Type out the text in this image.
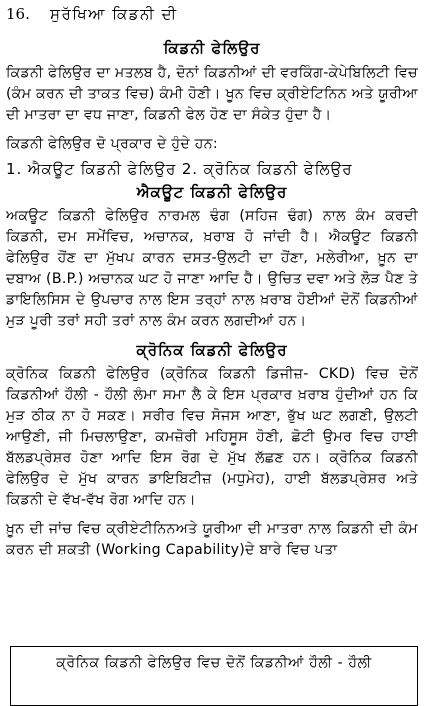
16.	ਸੁਰੱਖਿਆ ਕਿਡਨੀ ਦੀ
ਕਿਡਨੀ ਫੇਲਿਉਰ

ਕਿਡਨੀ ਫੇਲਿਉਰ ਦਾ ਮਤਲਬ ਹੈ, ਦੋਨਾਂ ਕਿਡਨੀਆਂ ਦੀ ਵਰਕਿੰਗ-ਕੇਪੇਬਿਲਿਟੀ ਵਿਚ (ਕੰਮ ਕਰਨ ਦੀ ਤਾਕਤ ਵਿਚ) ਕੰਮੀ ਹੋਣੀ। ਖੂਨ ਵਿਚ ਕ੍ਰੀਏਟਿਨਿਨ ਅਤੇ ਯੂਰੀਆ ਦੀ ਮਾਤਰਾ ਦਾ ਵਧ ਜਾਣਾ, ਕਿਡਨੀ ਫੇਲ ਹੋਣ ਦਾ ਸੰਕੇਤ ਹੁੰਦਾ ਹੈ।

ਕਿਡਨੀ ਫੇਲਿਉਰ ਦੋ ਪ੍ਰਕਾਰ ਦੇ ਹੁੰਦੇ ਹਨ:

1. ਐਕਊਟ ਕਿਡਨੀ ਫੇਲਿਉਰ 2. ਕ੍ਰੋਨਿਕ ਕਿਡਨੀ ਫੇਲਿਉਰ

ਐਕਊਟ ਕਿਡਨੀ ਫੇਲਿਉਰ

ਅਕਊਟ ਕਿਡਨੀ ਫੇਲਿਉਰ ਨਾਰਮਲ ਢੰਗ (ਸਹਿਜ ਢੰਗ) ਨਾਲ ਕੰਮ ਕਰਦੀ ਕਿਡਨੀ, ਦਮ ਸਮੇਂਵਿਚ, ਅਚਾਨਕ, ਖ਼ਰਾਬ ਹੋ ਜਾਂਦੀ ਹੈ। ਐਕਊਟ ਕਿਡਨੀ ਫੇਲਿਉਰ ਹੋਂਣ ਦਾ ਮੁੱਖਪ ਕਾਰਨ ਦਸਤ-ਉਲਟੀ ਦਾ ਹੋਂਣਾ, ਮਲੇਰੀਆ, ਖ਼ੂਨ ਦਾ ਦਬਾਅ (B.P.) ਅਚਾਨਕ ਘਟ ਹੋ ਜਾਣਾ ਆਦਿ ਹੈ। ਉਚਿਤ ਦਵਾ ਅਤੇ ਲੋੜ ਪੈਣ ਤੇ ਡਾਇਲਿਸਿਸ ਦੇ ਉਪਚਾਰ ਨਾਲ ਇਸ ਤਰ੍ਹਾਂ ਨਾਲ ਖ਼ਰਾਬ ਹੋਈਆਂ ਦੋਨੋਂ ਕਿਡਨੀਆਂ ਮੁੜ ਪੂਰੀ ਤਰਾਂ ਸਹੀ ਤਰਾਂ ਨਾਲ ਕੰਮ ਕਰਨ ਲਗਦੀਆਂ ਹਨ।

ਕ੍ਰੋਨਿਕ ਕਿਡਨੀ ਫੇਲਿਉਰ

ਕ੍ਰੋਨਿਕ ਕਿਡਨੀ ਫੇਲਿਉਰ (ਕ੍ਰੋਨਿਕ ਕਿਡਨੀ ਡਿਜੀਜ਼- CKD) ਵਿਚ ਦੋਨੋਂ ਕਿਡਨੀਆਂ ਹੌਲੀ - ਹੌਲੀ ਲੰਮਾ ਸਮਾ ਲੈ ਕੇ ਇਸ ਪ੍ਰਕਾਰ ਖ਼ਰਾਬ ਹੁੰਦੀਆਂ ਹਨ ਕਿ ਮੁੜ ਠੀਕ ਨਾ ਹੋ ਸਕਣ। ਸਰੀਰ ਵਿਚ ਸੋਜਸ ਆਣਾ, ਭੁੱਖ ਘਟ ਲਗਣੀ, ਉਲਟੀ ਆਉਣੀ, ਜੀ ਮਿਚਲਾਉਣਾ, ਕਮਜ਼ੋਰੀ ਮਹਿਸੂਸ ਹੋਣੀ, ਛੋਟੀ ਉਮਰ ਵਿਚ ਹਾਈ ਬੱਲਡਪ੍ਰੇਸ਼ਰ ਹੋਣਾ ਆਦਿ ਇਸ ਰੋਗ ਦੇ ਮੁੱਖ ਲੱਛਣ ਹਨ। ਕ੍ਰੋਨਿਕ ਕਿਡਨੀ ਫੇਲਿਉਰ ਦੇ ਮੁੱਖ ਕਾਰਨ ਡਾਇਬਿਟੀਜ਼ (ਮਧੁਮੇਹ), ਹਾਈ ਬੱਲਡਪ੍ਰੇਸ਼ਰ ਅਤੇ ਕਿਡਨੀ ਦੇ ਵੱਖ-ਵੱਖ ਰੋਗ ਆਦਿ ਹਨ।

ਖ਼ੂਨ ਦੀ ਜਾਂਚ ਵਿਚ ਕ੍ਰੀਏਟੀਨਿਨਅਤੇ ਯੂਰੀਆ ਦੀ ਮਾਤਰਾ ਨਾਲ ਕਿਡਨੀ ਦੀ ਕੰਮ ਕਰਨ ਦੀ ਸ਼ਕਤੀ (Working Capability)ਦੇ ਬਾਰੇ ਵਿਚ ਪਤਾ

ਕ੍ਰੋਨਿਕ ਕਿਡਨੀ ਫੇਲਿਉਰ ਵਿਚ ਦੋਨੋਂ ਕਿਡਨੀਆਂ ਹੌਲੀ - ਹੌਲੀ
